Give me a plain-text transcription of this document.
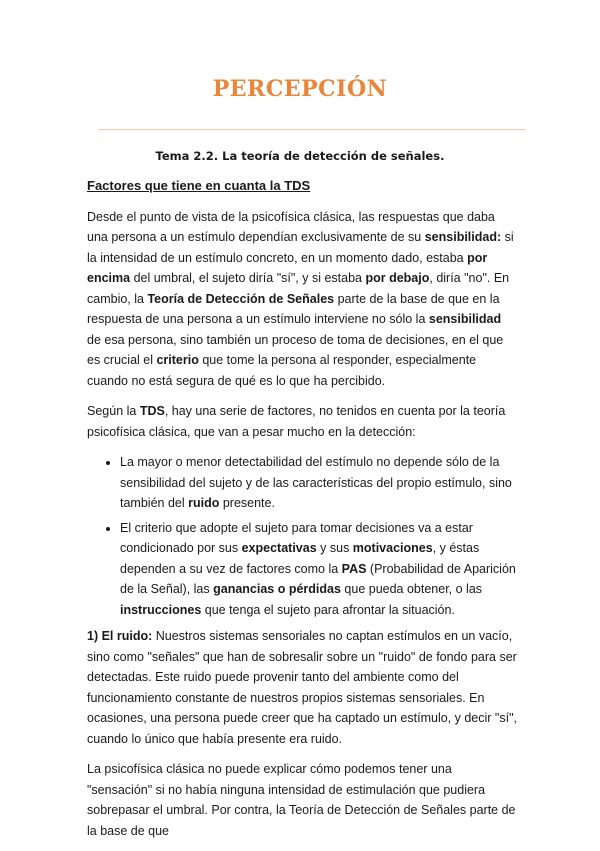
PERCEPCIÓN
Tema 2.2. La teoría de detección de señales.
Factores que tiene en cuanta la TDS

Desde el punto de vista de la psicofísica clásica, las respuestas que daba una persona a un estímulo dependían exclusivamente de su sensibilidad: si la intensidad de un estímulo concreto, en un momento dado, estaba por encima del umbral, el sujeto diría "sí", y si estaba por debajo, diría "no". En cambio, la Teoría de Detección de Señales parte de la base de que en la respuesta de una persona a un estímulo interviene no sólo la sensibilidad de esa persona, sino también un proceso de toma de decisiones, en el que es crucial el criterio que tome la persona al responder, especialmente cuando no está segura de qué es lo que ha percibido.

Según la TDS, hay una serie de factores, no tenidos en cuenta por la teoría psicofísica clásica, que van a pesar mucho en la detección:

• La mayor o menor detectabilidad del estímulo no depende sólo de la sensibilidad del sujeto y de las características del propio estímulo, sino también del ruido presente.
• El criterio que adopte el sujeto para tomar decisiones va a estar condicionado por sus expectativas y sus motivaciones, y éstas dependen a su vez de factores como la PAS (Probabilidad de Aparición de la Señal), las ganancias o pérdidas que pueda obtener, o las instrucciones que tenga el sujeto para afrontar la situación.

1) El ruido: Nuestros sistemas sensoriales no captan estímulos en un vacío, sino como "señales" que han de sobresalir sobre un "ruido" de fondo para ser detectadas. Este ruido puede provenir tanto del ambiente como del funcionamiento constante de nuestros propios sistemas sensoriales. En ocasiones, una persona puede creer que ha captado un estímulo, y decir "sí", cuando lo único que había presente era ruido.

La psicofísica clásica no puede explicar cómo podemos tener una "sensación" si no había ninguna intensidad de estimulación que pudiera sobrepasar el umbral. Por contra, la Teoría de Detección de Señales parte de la base de que
